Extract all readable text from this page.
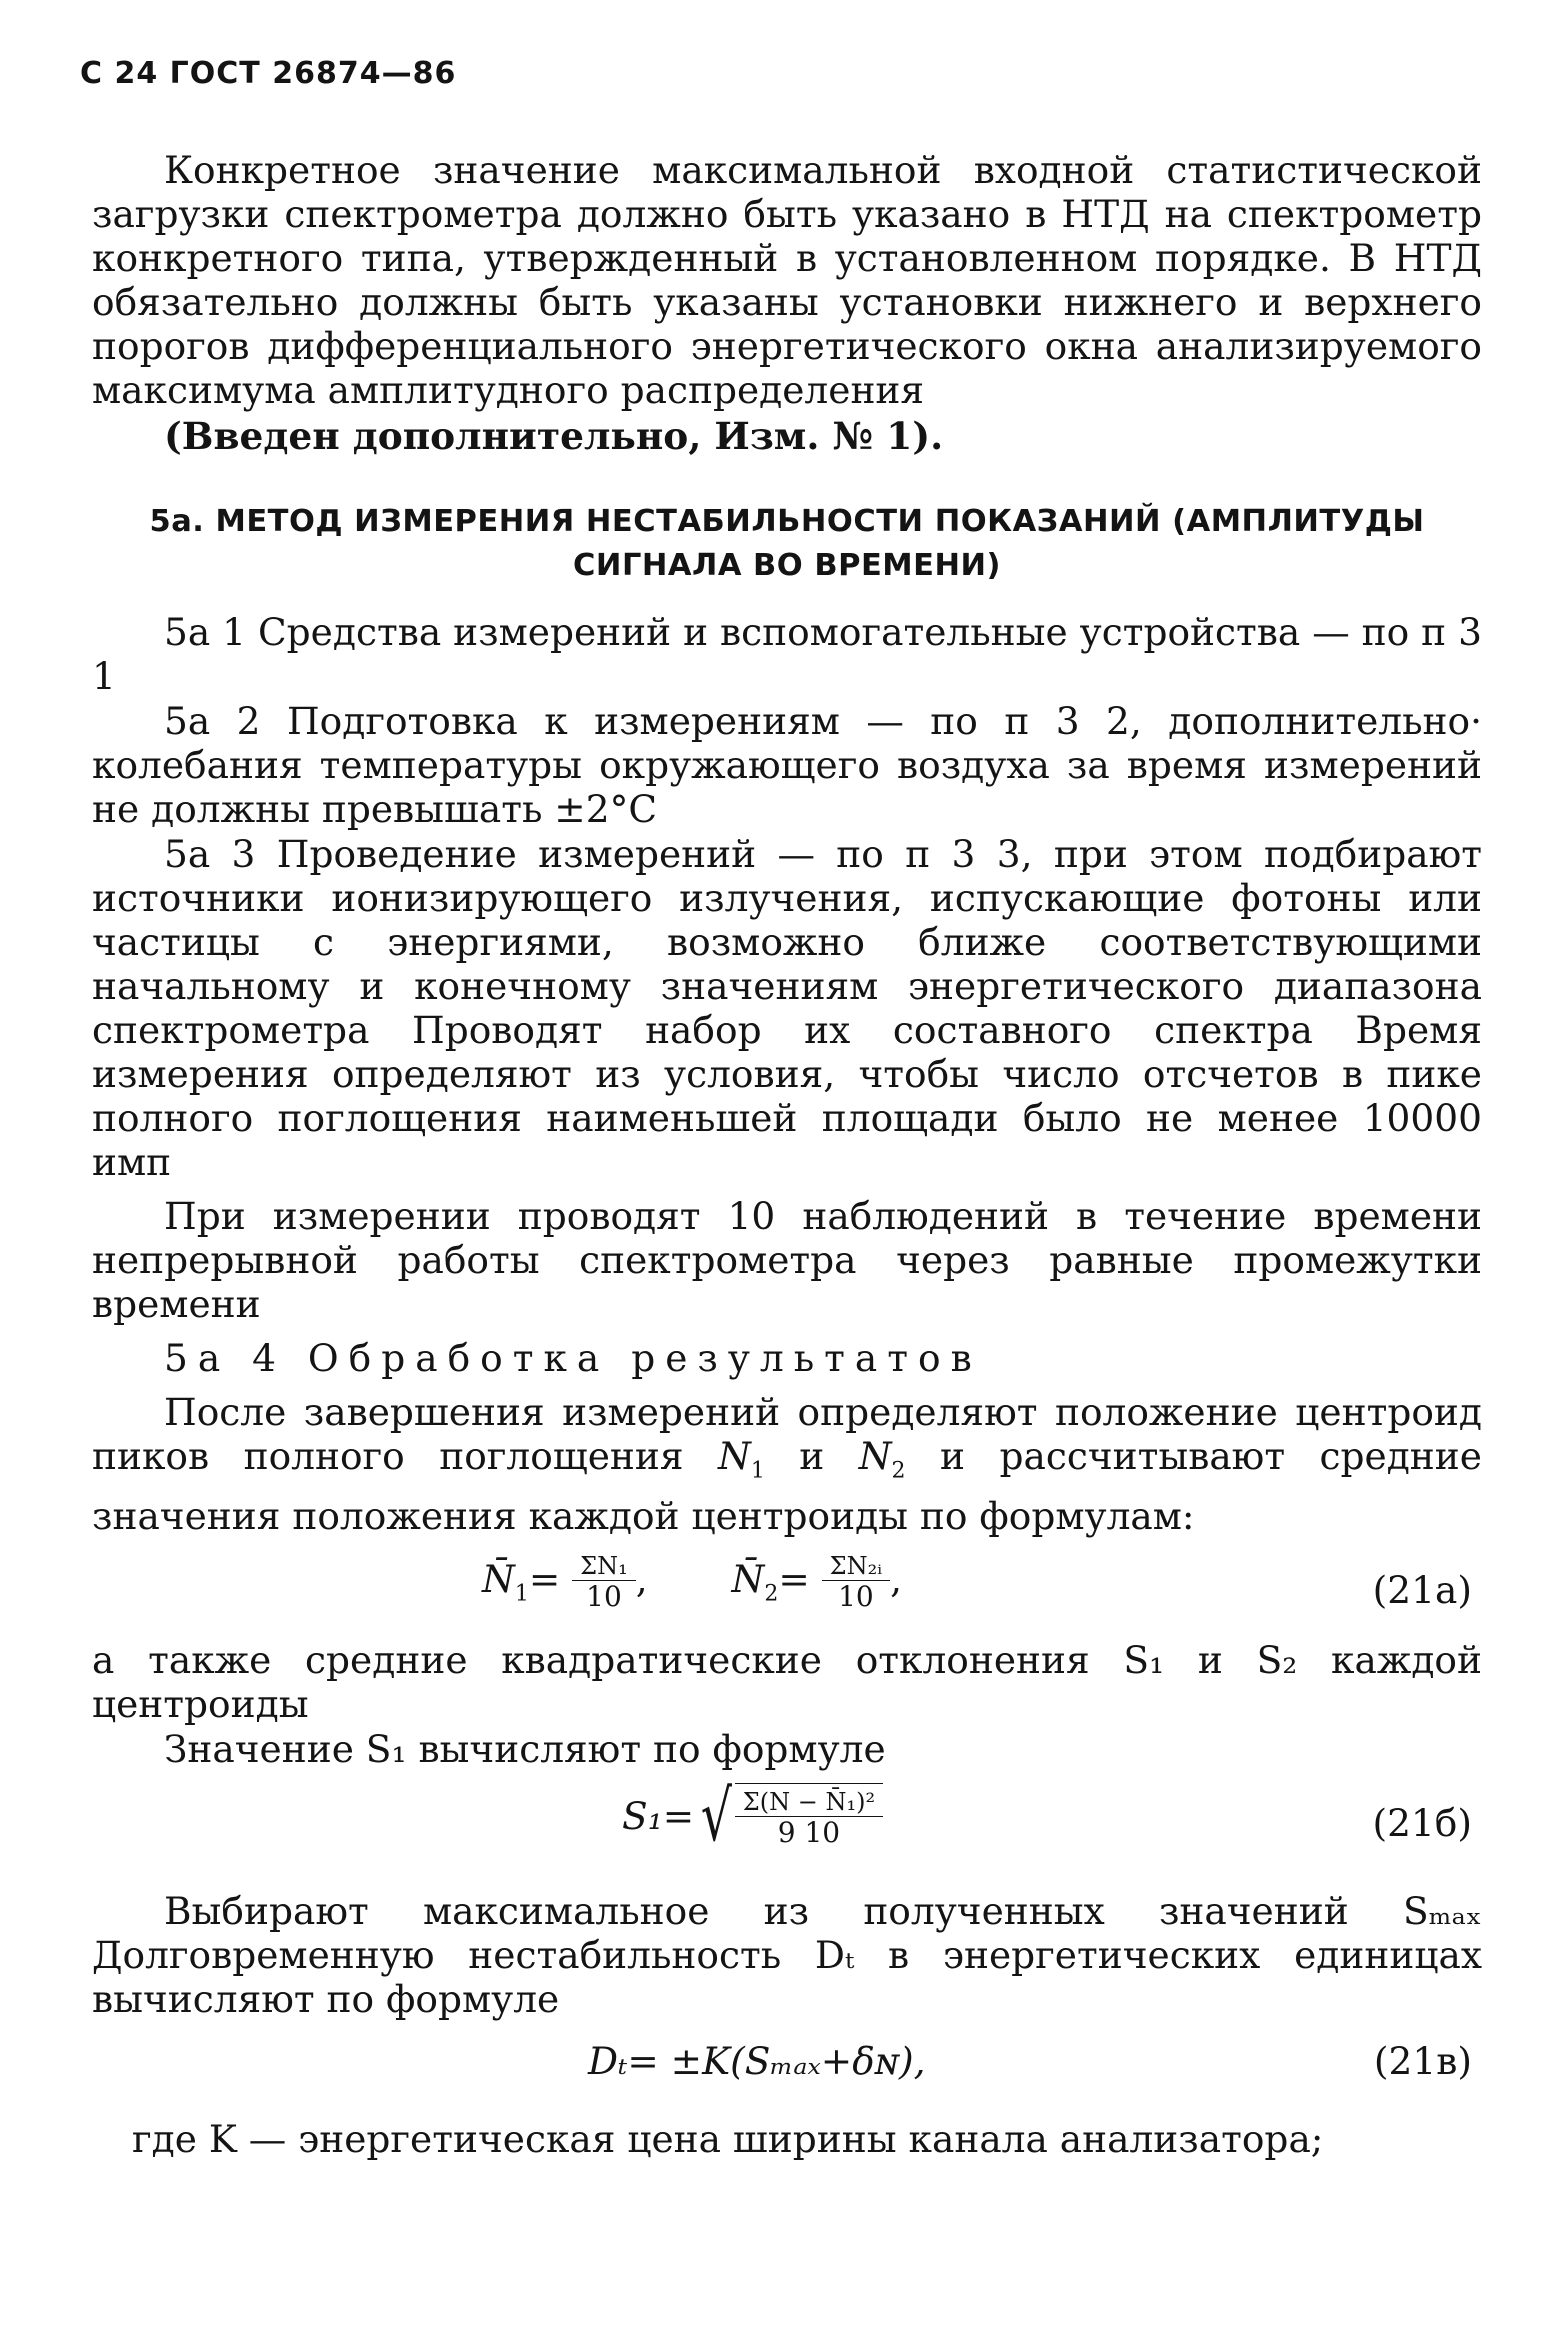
С 24 ГОСТ 26874—86

Конкретное значение максимальной входной статистической загрузки спектрометра должно быть указано в НТД на спектрометр конкретного типа, утвержденный в установленном порядке. В НТД обязательно должны быть указаны установки нижнего и верхнего порогов дифференциального энергетического окна анализируемого максимума амплитудного распределения

(Введен дополнительно, Изм. № 1).
5а. МЕТОД ИЗМЕРЕНИЯ НЕСТАБИЛЬНОСТИ ПОКАЗАНИЙ (АМПЛИТУДЫ
СИГНАЛА ВО ВРЕМЕНИ)

5а 1 Средства измерений и вспомогательные устройства — по п 3 1

5а 2 Подготовка к измерениям — по п 3 2, дополнительно· колебания температуры окружающего воздуха за время измерений не должны превышать ±2°С

5а 3 Проведение измерений — по п 3 3, при этом подбирают источники ионизирующего излучения, испускающие фотоны или частицы с энергиями, возможно ближе соответствующими начальному и конечному значениям энергетического диапазона спектрометра Проводят набор их составного спектра Время измерения определяют из условия, чтобы число отсчетов в пике полного поглощения наименьшей площади было не менее 10000 имп

При измерении проводят 10 наблюдений в течение времени непрерывной работы спектрометра через равные промежутки времени

5а 4 Обработка результатов

После завершения измерений определяют положение центроид пиков полного поглощения $N_1$ и $N_2$ и рассчитывают средние значения положения каждой центроиды по формулам:

$N̄_1= \frac{\text{ΣN₁}}{10}$ ,  $N̄_2= \frac{\text{ΣN₂ᵢ}}{10}$ ,	(21а)

а также средние квадратические отклонения S₁ и S₂ каждой центроиды

Значение S₁ вычисляют по формуле

S₁= √ $\frac{\text{Σ(N − N̄₁)²}}{9 10}$	(21б)

Выбирают максимальное из полученных значений Sₘₐₓ Долговременную нестабильность Dₜ в энергетических единицах вычисляют по формуле

Dₜ= ±K(Sₘₐₓ+δɴ),	(21в)

где K — энергетическая цена ширины канала анализатора;
